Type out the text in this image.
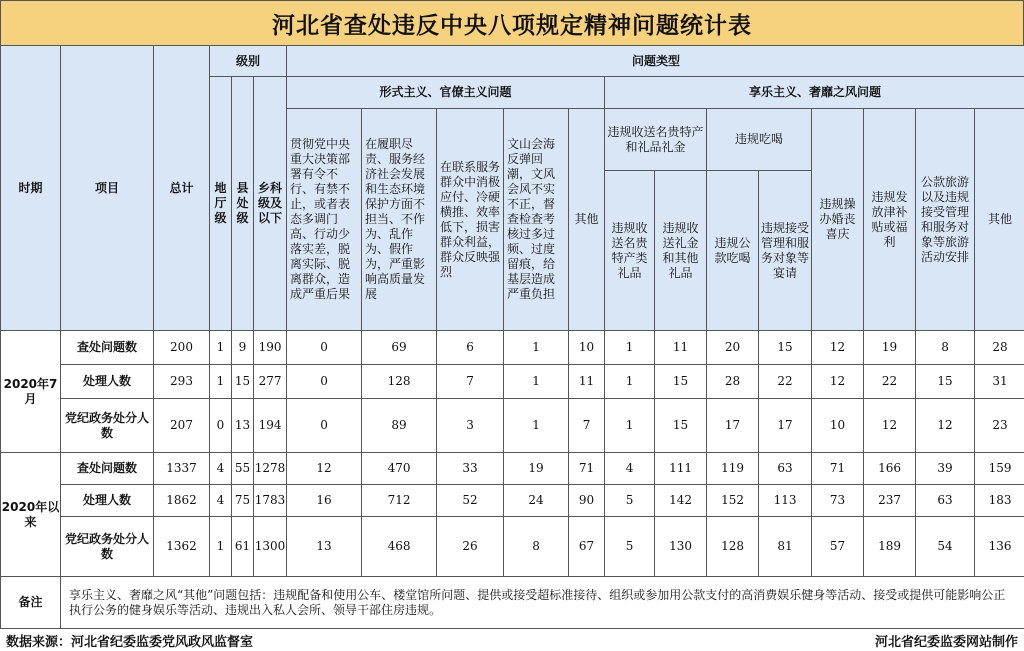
河北省查处违反中央八项规定精神问题统计表
时期	项目	总计	级别			问题类型												
			地厅级	县处级	乡科级及以下	形式主义、官僚主义问题					享乐主义、奢靡之风问题							
						贯彻党中央重大决策部署有令不行、有禁不止，或者表态多调门高、行动少落实差，脱离实际、脱离群众，造成严重后果	在履职尽责、服务经济社会发展和生态环境保护方面不担当、不作为、乱作为、假作为，严重影响高质量发展	在联系服务群众中消极应付、冷硬横推、效率低下，损害群众利益，群众反映强烈	文山会海反弹回潮，文风会风不实不正，督查检查考核过多过频、过度留痕，给基层造成严重负担	其他	违规收送名贵特产和礼品礼金		违规吃喝		违规操办婚丧喜庆	违规发放津补贴或福利	公款旅游以及违规接受管理和服务对象等旅游活动安排	其他
											违规收送名贵特产类礼品	违规收送礼金和其他礼品	违规公款吃喝	违规接受管理和服务对象等宴请				
2020年7月	查处问题数	200	1	9	190	0	69	6	1	10	1	11	20	15	12	19	8	28
	处理人数	293	1	15	277	0	128	7	1	11	1	15	28	22	12	22	15	31
	党纪政务处分人数	207	0	13	194	0	89	3	1	7	1	15	17	17	10	12	12	23
2020年以来	查处问题数	1337	4	55	1278	12	470	33	19	71	4	111	119	63	71	166	39	159
	处理人数	1862	4	75	1783	16	712	52	24	90	5	142	152	113	73	237	63	183
	党纪政务处分人数	1362	1	61	1300	13	468	26	8	67	5	130	128	81	57	189	54	136
备注	享乐主义、奢靡之风“其他”问题包括：违规配备和使用公车、楼堂馆所问题、提供或接受超标准接待、组织或参加用公款支付的高消费娱乐健身等活动、接受或提供可能影响公正执行公务的健身娱乐等活动、违规出入私人会所、领导干部住房违规。																	
数据来源：河北省纪委监委党风政风监督室	河北省纪委监委网站制作
